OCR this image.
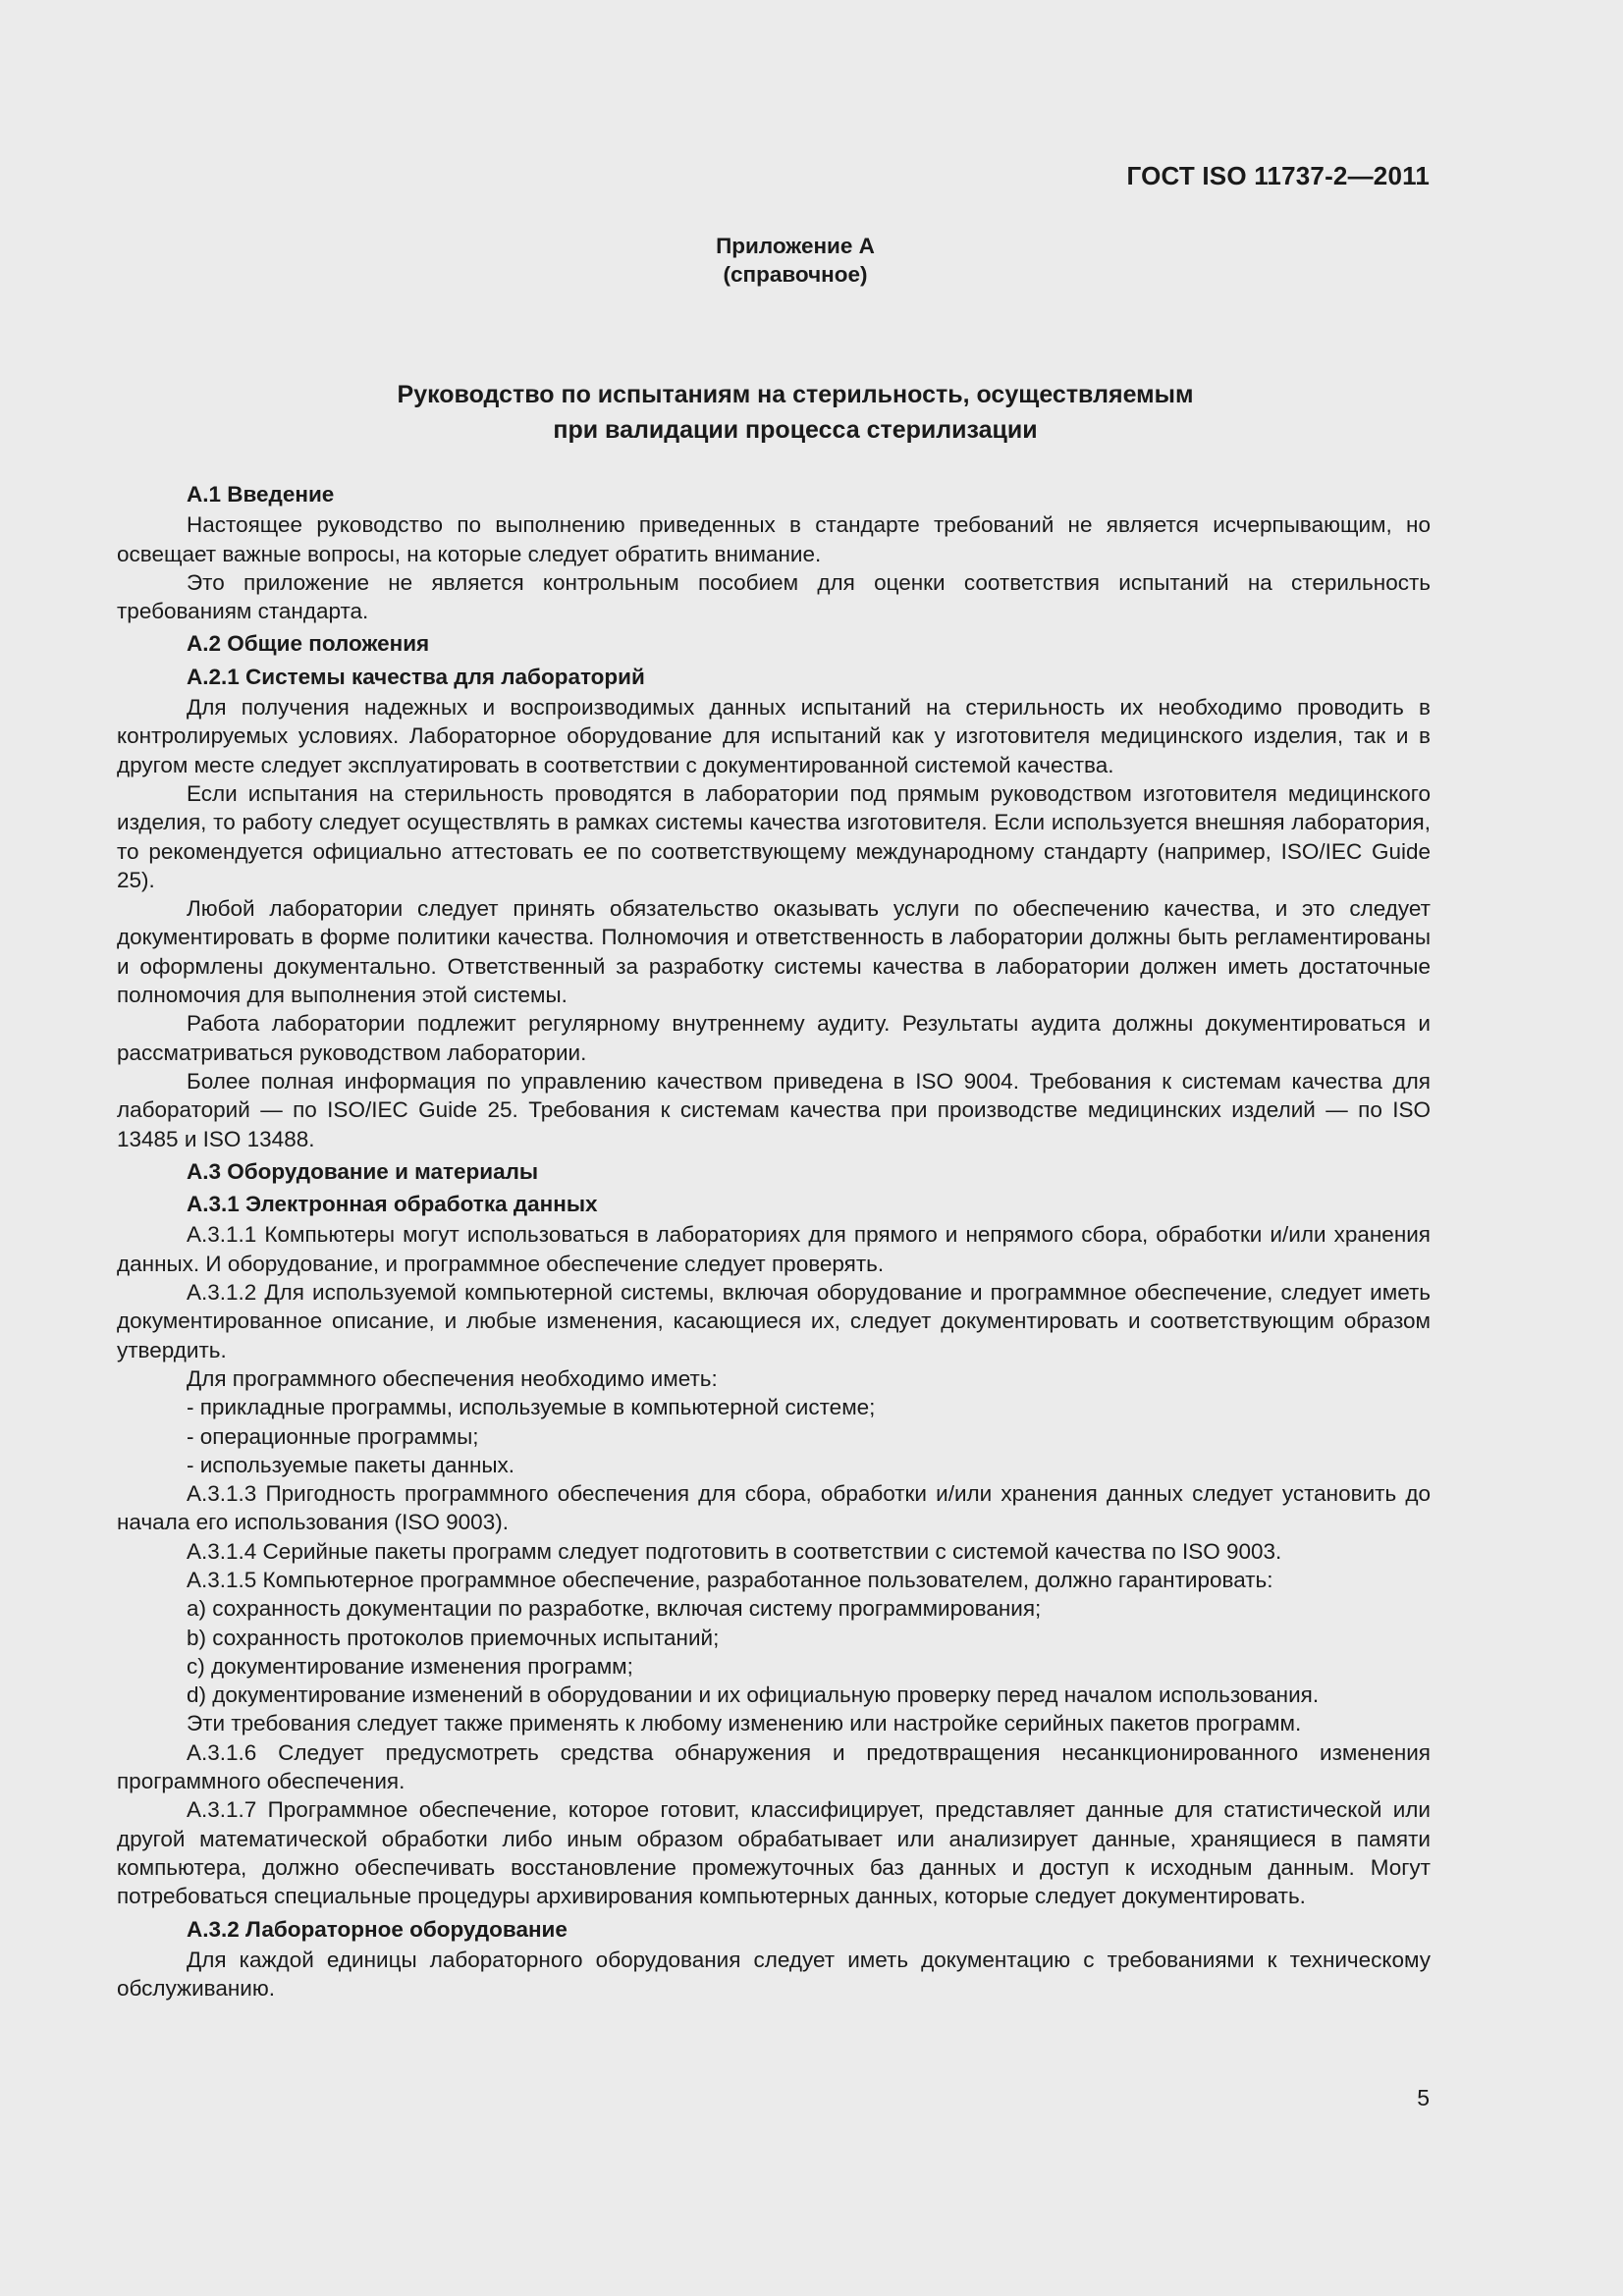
ГОСТ ISO 11737-2—2011
Приложение А
(справочное)
Руководство по испытаниям на стерильность, осуществляемым
при валидации процесса стерилизации

А.1 Введение

Настоящее руководство по выполнению приведенных в стандарте требований не является исчерпывающим, но освещает важные вопросы, на которые следует обратить внимание.

Это приложение не является контрольным пособием для оценки соответствия испытаний на стерильность требованиям стандарта.

А.2 Общие положения

А.2.1 Системы качества для лабораторий

Для получения надежных и воспроизводимых данных испытаний на стерильность их необходимо проводить в контролируемых условиях. Лабораторное оборудование для испытаний как у изготовителя медицинского изделия, так и в другом месте следует эксплуатировать в соответствии с документированной системой качества.

Если испытания на стерильность проводятся в лаборатории под прямым руководством изготовителя медицинского изделия, то работу следует осуществлять в рамках системы качества изготовителя. Если используется внешняя лаборатория, то рекомендуется официально аттестовать ее по соответствующему международному стандарту (например, ISO/IEC Guide 25).

Любой лаборатории следует принять обязательство оказывать услуги по обеспечению качества, и это следует документировать в форме политики качества. Полномочия и ответственность в лаборатории должны быть регламентированы и оформлены документально. Ответственный за разработку системы качества в лаборатории должен иметь достаточные полномочия для выполнения этой системы.

Работа лаборатории подлежит регулярному внутреннему аудиту. Результаты аудита должны документироваться и рассматриваться руководством лаборатории.

Более полная информация по управлению качеством приведена в ISO 9004. Требования к системам качества для лабораторий — по ISO/IEC Guide 25. Требования к системам качества при производстве медицинских изделий — по ISO 13485 и ISO 13488.

А.3 Оборудование и материалы

А.3.1 Электронная обработка данных

А.3.1.1 Компьютеры могут использоваться в лабораториях для прямого и непрямого сбора, обработки и/или хранения данных. И оборудование, и программное обеспечение следует проверять.

А.3.1.2 Для используемой компьютерной системы, включая оборудование и программное обеспечение, следует иметь документированное описание, и любые изменения, касающиеся их, следует документировать и соответствующим образом утвердить.

Для программного обеспечения необходимо иметь:

- прикладные программы, используемые в компьютерной системе;

- операционные программы;

- используемые пакеты данных.

А.3.1.3 Пригодность программного обеспечения для сбора, обработки и/или хранения данных следует установить до начала его использования (ISO 9003).

А.3.1.4 Серийные пакеты программ следует подготовить в соответствии с системой качества по ISO 9003.

А.3.1.5 Компьютерное программное обеспечение, разработанное пользователем, должно гарантировать:

a) сохранность документации по разработке, включая систему программирования;

b) сохранность протоколов приемочных испытаний;

c) документирование изменения программ;

d) документирование изменений в оборудовании и их официальную проверку перед началом использования.

Эти требования следует также применять к любому изменению или настройке серийных пакетов программ.

А.3.1.6 Следует предусмотреть средства обнаружения и предотвращения несанкционированного изменения программного обеспечения.

А.3.1.7 Программное обеспечение, которое готовит, классифицирует, представляет данные для статистической или другой математической обработки либо иным образом обрабатывает или анализирует данные, хранящиеся в памяти компьютера, должно обеспечивать восстановление промежуточных баз данных и доступ к исходным данным. Могут потребоваться специальные процедуры архивирования компьютерных данных, которые следует документировать.

А.3.2 Лабораторное оборудование

Для каждой единицы лабораторного оборудования следует иметь документацию с требованиями к техническому обслуживанию.

5
